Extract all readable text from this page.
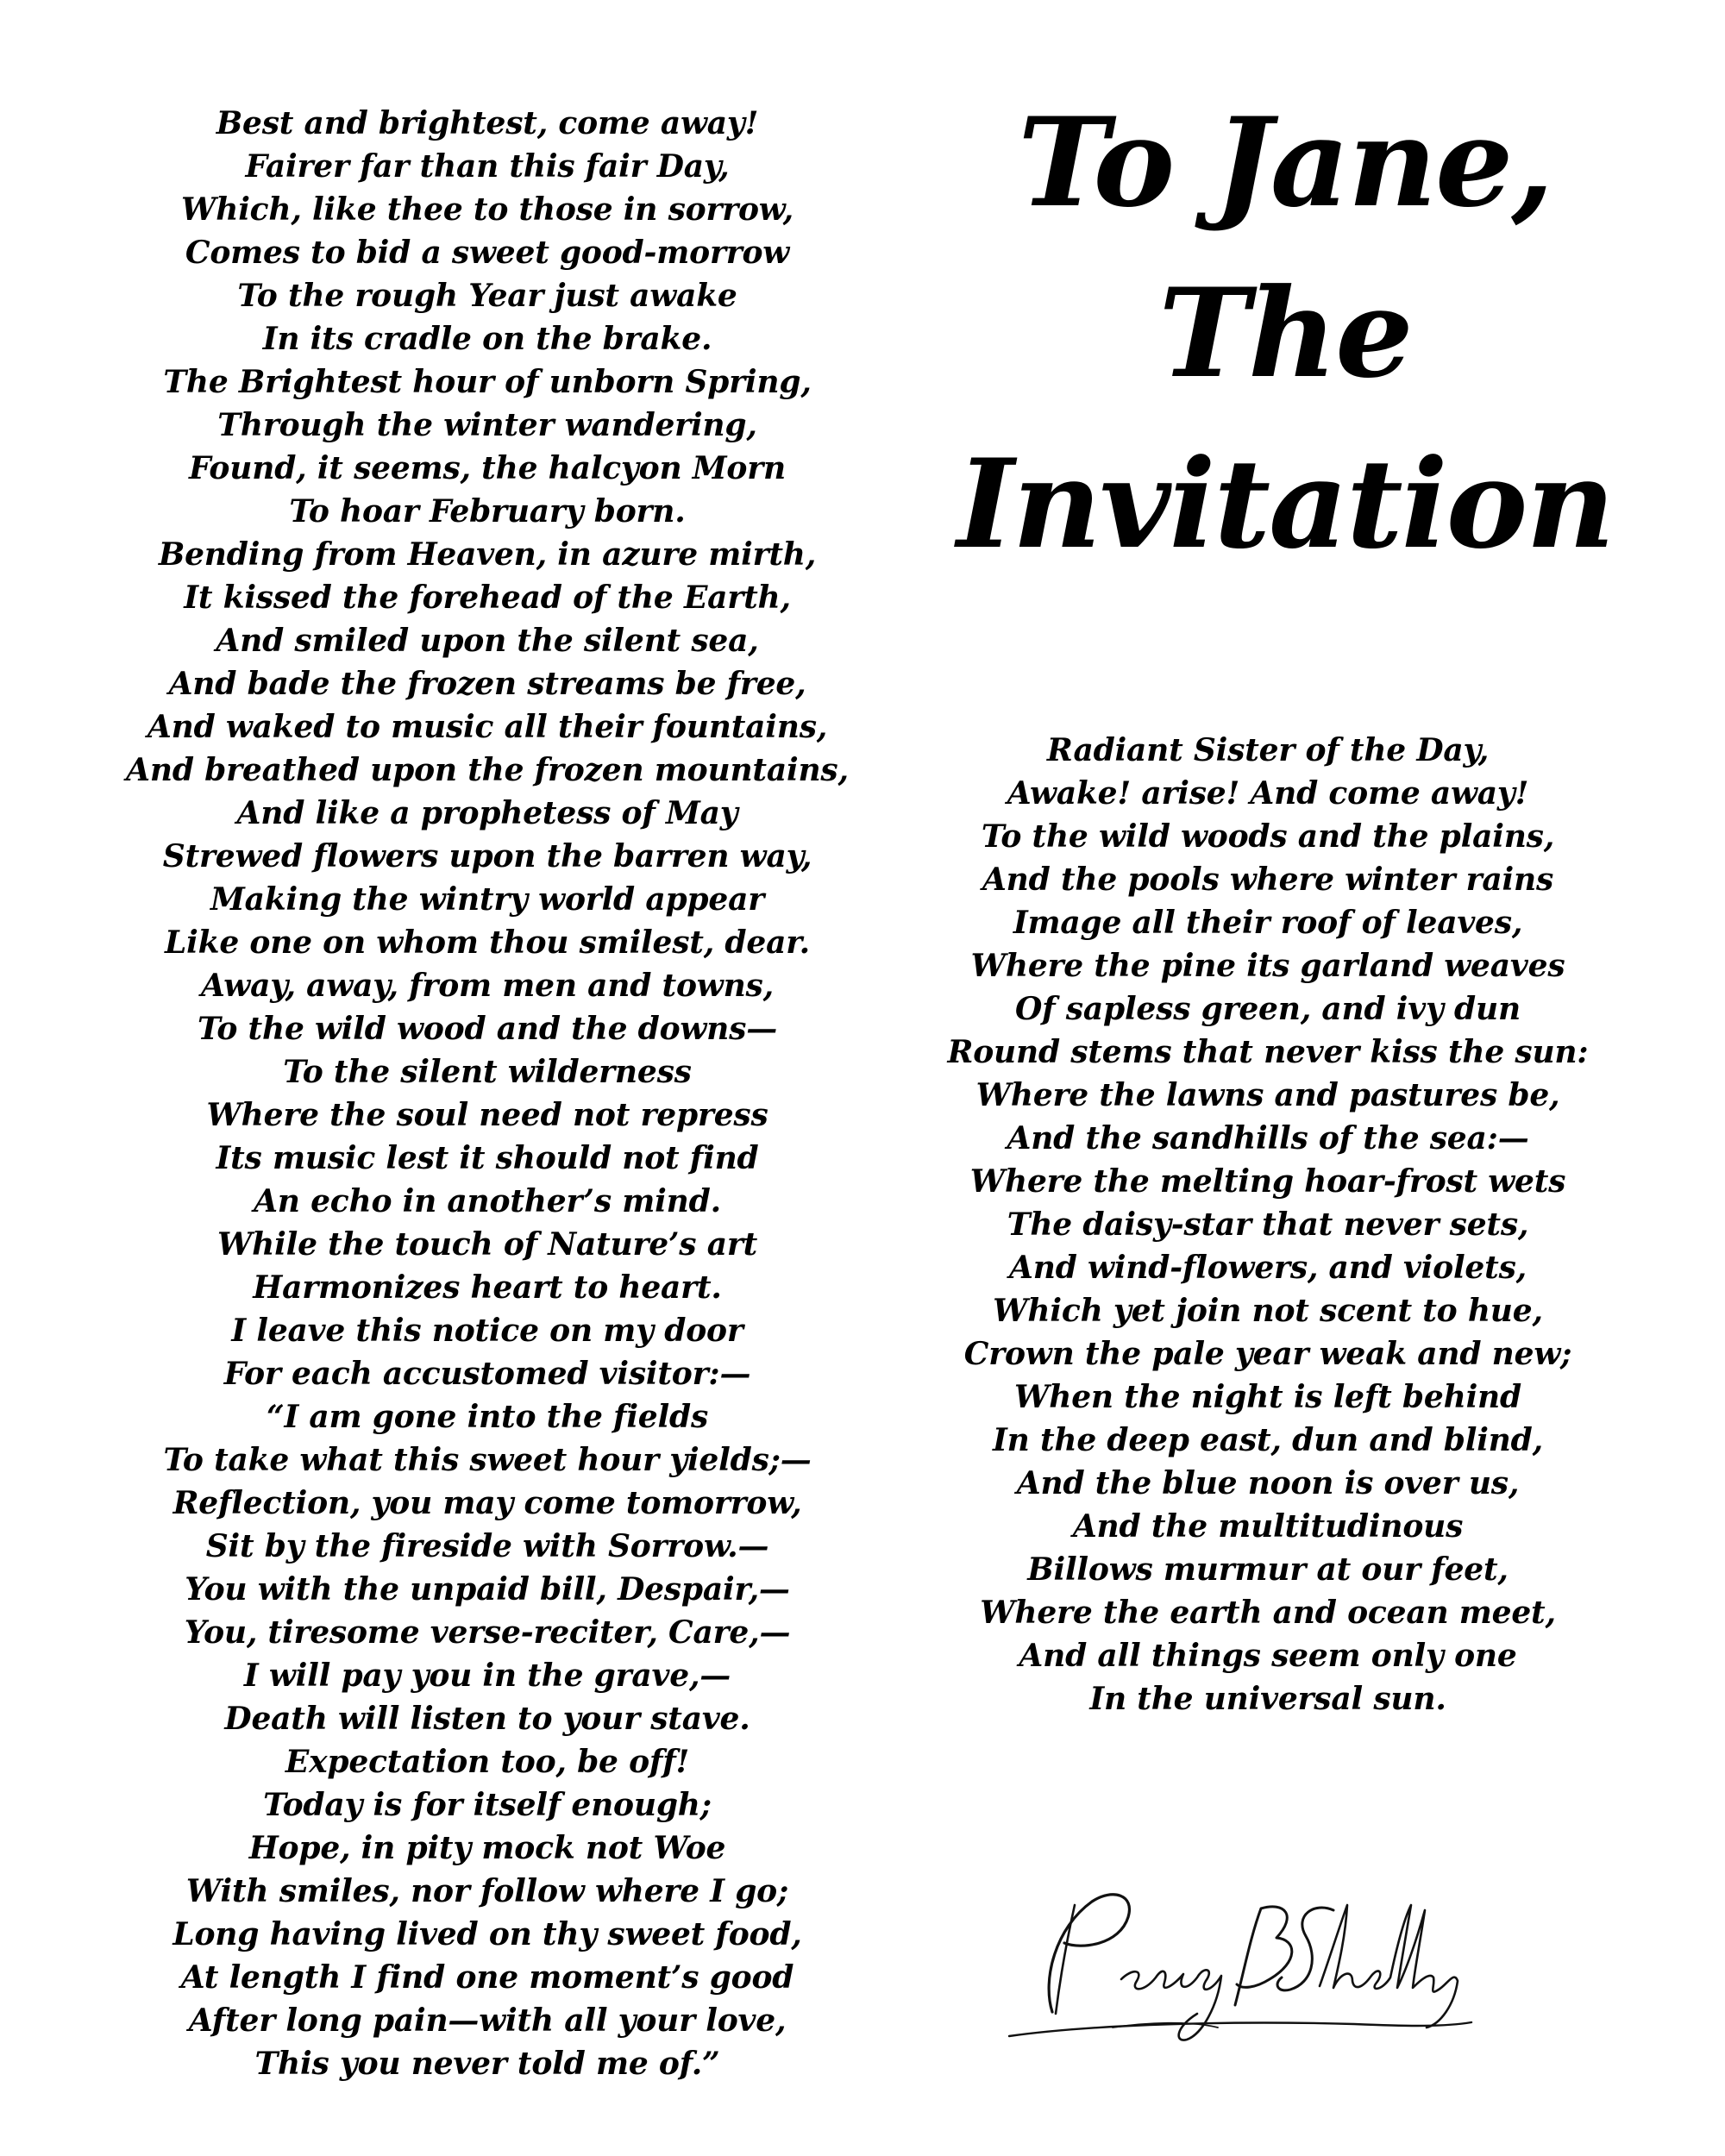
Best and brightest, come away!
Fairer far than this fair Day,
Which, like thee to those in sorrow,
Comes to bid a sweet good-morrow
To the rough Year just awake
In its cradle on the brake.
The Brightest hour of unborn Spring,
Through the winter wandering,
Found, it seems, the halcyon Morn
To hoar February born.
Bending from Heaven, in azure mirth,
It kissed the forehead of the Earth,
And smiled upon the silent sea,
And bade the frozen streams be free,
And waked to music all their fountains,
And breathed upon the frozen mountains,
And like a prophetess of May
Strewed flowers upon the barren way,
Making the wintry world appear
Like one on whom thou smilest, dear.
Away, away, from men and towns,
To the wild wood and the downs—
To the silent wilderness
Where the soul need not repress
Its music lest it should not find
An echo in another’s mind.
While the touch of Nature’s art
Harmonizes heart to heart.
I leave this notice on my door
For each accustomed visitor:—
“I am gone into the fields
To take what this sweet hour yields;—
Reflection, you may come tomorrow,
Sit by the fireside with Sorrow.—
You with the unpaid bill, Despair,—
You, tiresome verse-reciter, Care,—
I will pay you in the grave,—
Death will listen to your stave.
Expectation too, be off!
Today is for itself enough;
Hope, in pity mock not Woe
With smiles, nor follow where I go;
Long having lived on thy sweet food,
At length I find one moment’s good
After long pain—with all your love,
This you never told me of.”
To Jane,
The
Invitation
Radiant Sister of the Day,
Awake! arise! And come away!
To the wild woods and the plains,
And the pools where winter rains
Image all their roof of leaves,
Where the pine its garland weaves
Of sapless green, and ivy dun
Round stems that never kiss the sun:
Where the lawns and pastures be,
And the sandhills of the sea:—
Where the melting hoar-frost wets
The daisy-star that never sets,
And wind-flowers, and violets,
Which yet join not scent to hue,
Crown the pale year weak and new;
When the night is left behind
In the deep east, dun and blind,
And the blue noon is over us,
And the multitudinous
Billows murmur at our feet,
Where the earth and ocean meet,
And all things seem only one
In the universal sun.
